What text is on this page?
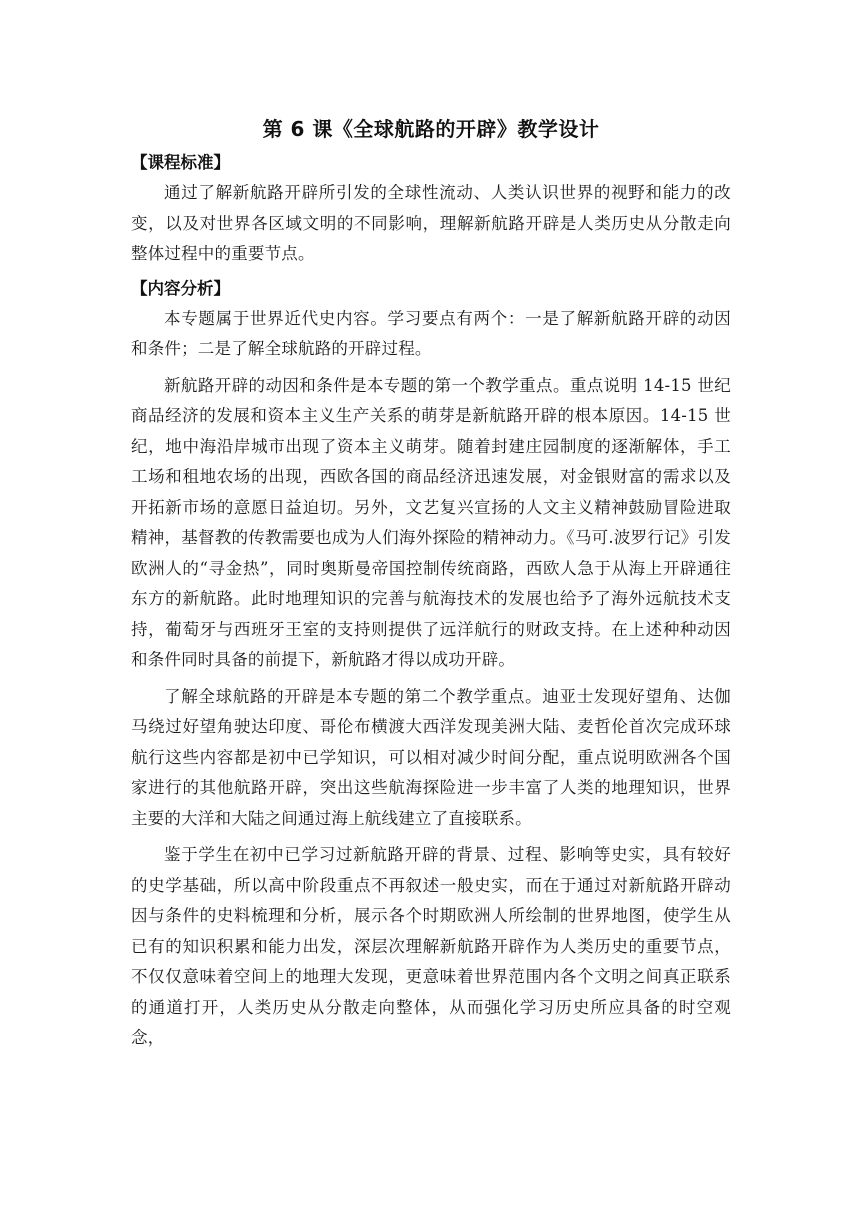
第 6 课《全球航路的开辟》教学设计
【课程标准】

通过了解新航路开辟所引发的全球性流动、人类认识世界的视野和能力的改变，以及对世界各区域文明的不同影响，理解新航路开辟是人类历史从分散走向整体过程中的重要节点。

【内容分析】

本专题属于世界近代史内容。学习要点有两个：一是了解新航路开辟的动因和条件；二是了解全球航路的开辟过程。

新航路开辟的动因和条件是本专题的第一个教学重点。重点说明 14-15 世纪商品经济的发展和资本主义生产关系的萌芽是新航路开辟的根本原因。14-15 世纪，地中海沿岸城市出现了资本主义萌芽。随着封建庄园制度的逐渐解体，手工工场和租地农场的出现，西欧各国的商品经济迅速发展，对金银财富的需求以及开拓新市场的意愿日益迫切。另外，文艺复兴宣扬的人文主义精神鼓励冒险进取精神，基督教的传教需要也成为人们海外探险的精神动力。《马可.波罗行记》引发欧洲人的“寻金热”，同时奥斯曼帝国控制传统商路，西欧人急于从海上开辟通往东方的新航路。此时地理知识的完善与航海技术的发展也给予了海外远航技术支持，葡萄牙与西班牙王室的支持则提供了远洋航行的财政支持。在上述种种动因和条件同时具备的前提下，新航路才得以成功开辟。

了解全球航路的开辟是本专题的第二个教学重点。迪亚士发现好望角、达伽马绕过好望角驶达印度、哥伦布横渡大西洋发现美洲大陆、麦哲伦首次完成环球航行这些内容都是初中已学知识，可以相对减少时间分配，重点说明欧洲各个国家进行的其他航路开辟，突出这些航海探险进一步丰富了人类的地理知识，世界主要的大洋和大陆之间通过海上航线建立了直接联系。

鉴于学生在初中已学习过新航路开辟的背景、过程、影响等史实，具有较好的史学基础，所以高中阶段重点不再叙述一般史实，而在于通过对新航路开辟动因与条件的史料梳理和分析，展示各个时期欧洲人所绘制的世界地图，使学生从已有的知识积累和能力出发，深层次理解新航路开辟作为人类历史的重要节点，不仅仅意味着空间上的地理大发现，更意味着世界范围内各个文明之间真正联系的通道打开，人类历史从分散走向整体，从而强化学习历史所应具备的时空观念，
